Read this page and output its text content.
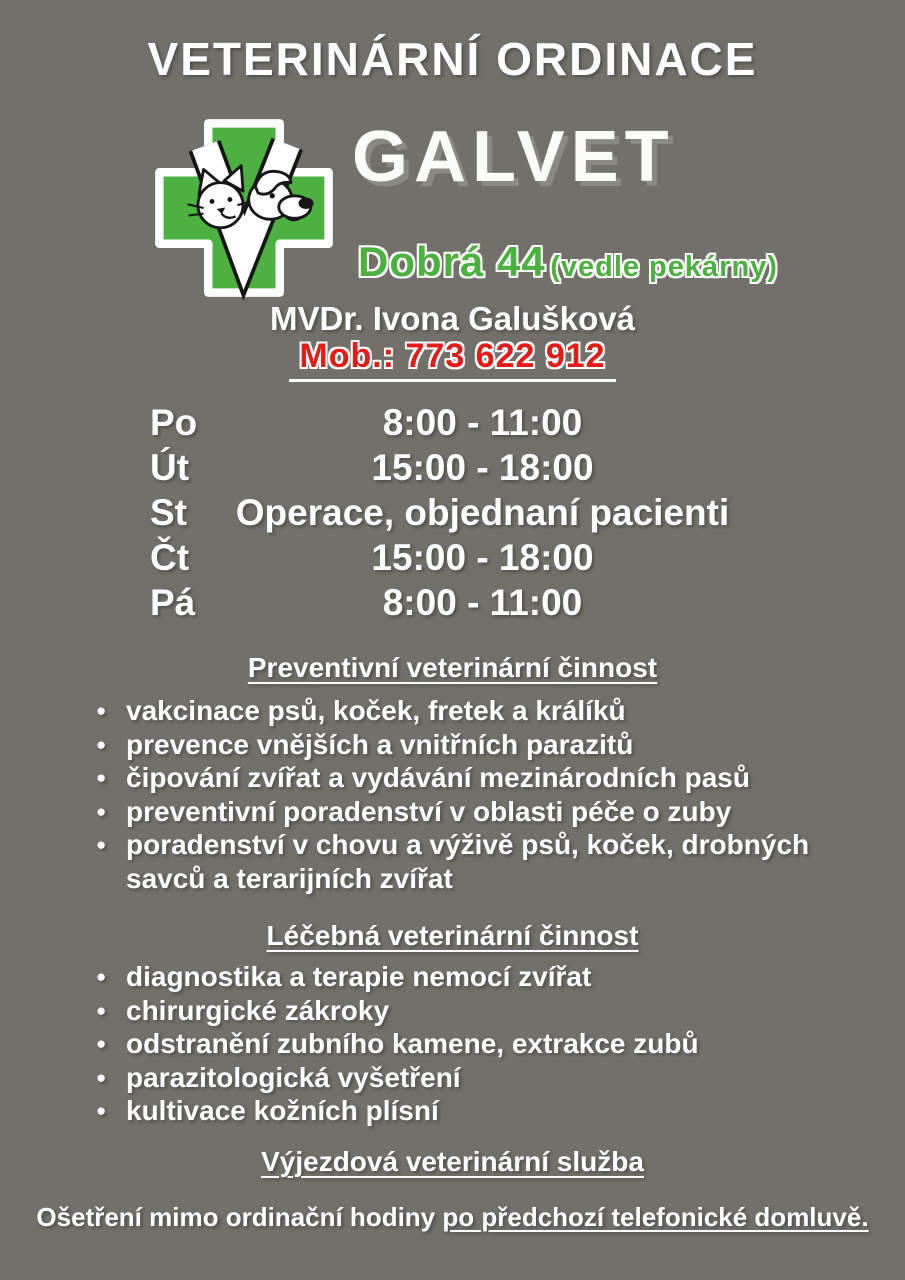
VETERINÁRNÍ ORDINACE
GALVET
Dobrá 44 (vedle pekárny)
MVDr. Ivona Galušková
Mob.: 773 622 912
Po	8:00 - 11:00
Út	15:00 - 18:00
St	Operace, objednaní pacienti
Čt	15:00 - 18:00
Pá	8:00 - 11:00
Preventivní veterinární činnost
● vakcinace psů, koček, fretek a králíků
● prevence vnějších a vnitřních parazitů
● čipování zvířat a vydávání mezinárodních pasů
● preventivní poradenství v oblasti péče o zuby
● poradenství v chovu a výživě psů, koček, drobných savců a terarijních zvířat
Léčebná veterinární činnost
● diagnostika a terapie nemocí zvířat
● chirurgické zákroky
● odstranění zubního kamene, extrakce zubů
● parazitologická vyšetření
● kultivace kožních plísní
Výjezdová veterinární služba
Ošetření mimo ordinační hodiny po předchozí telefonické domluvě.
